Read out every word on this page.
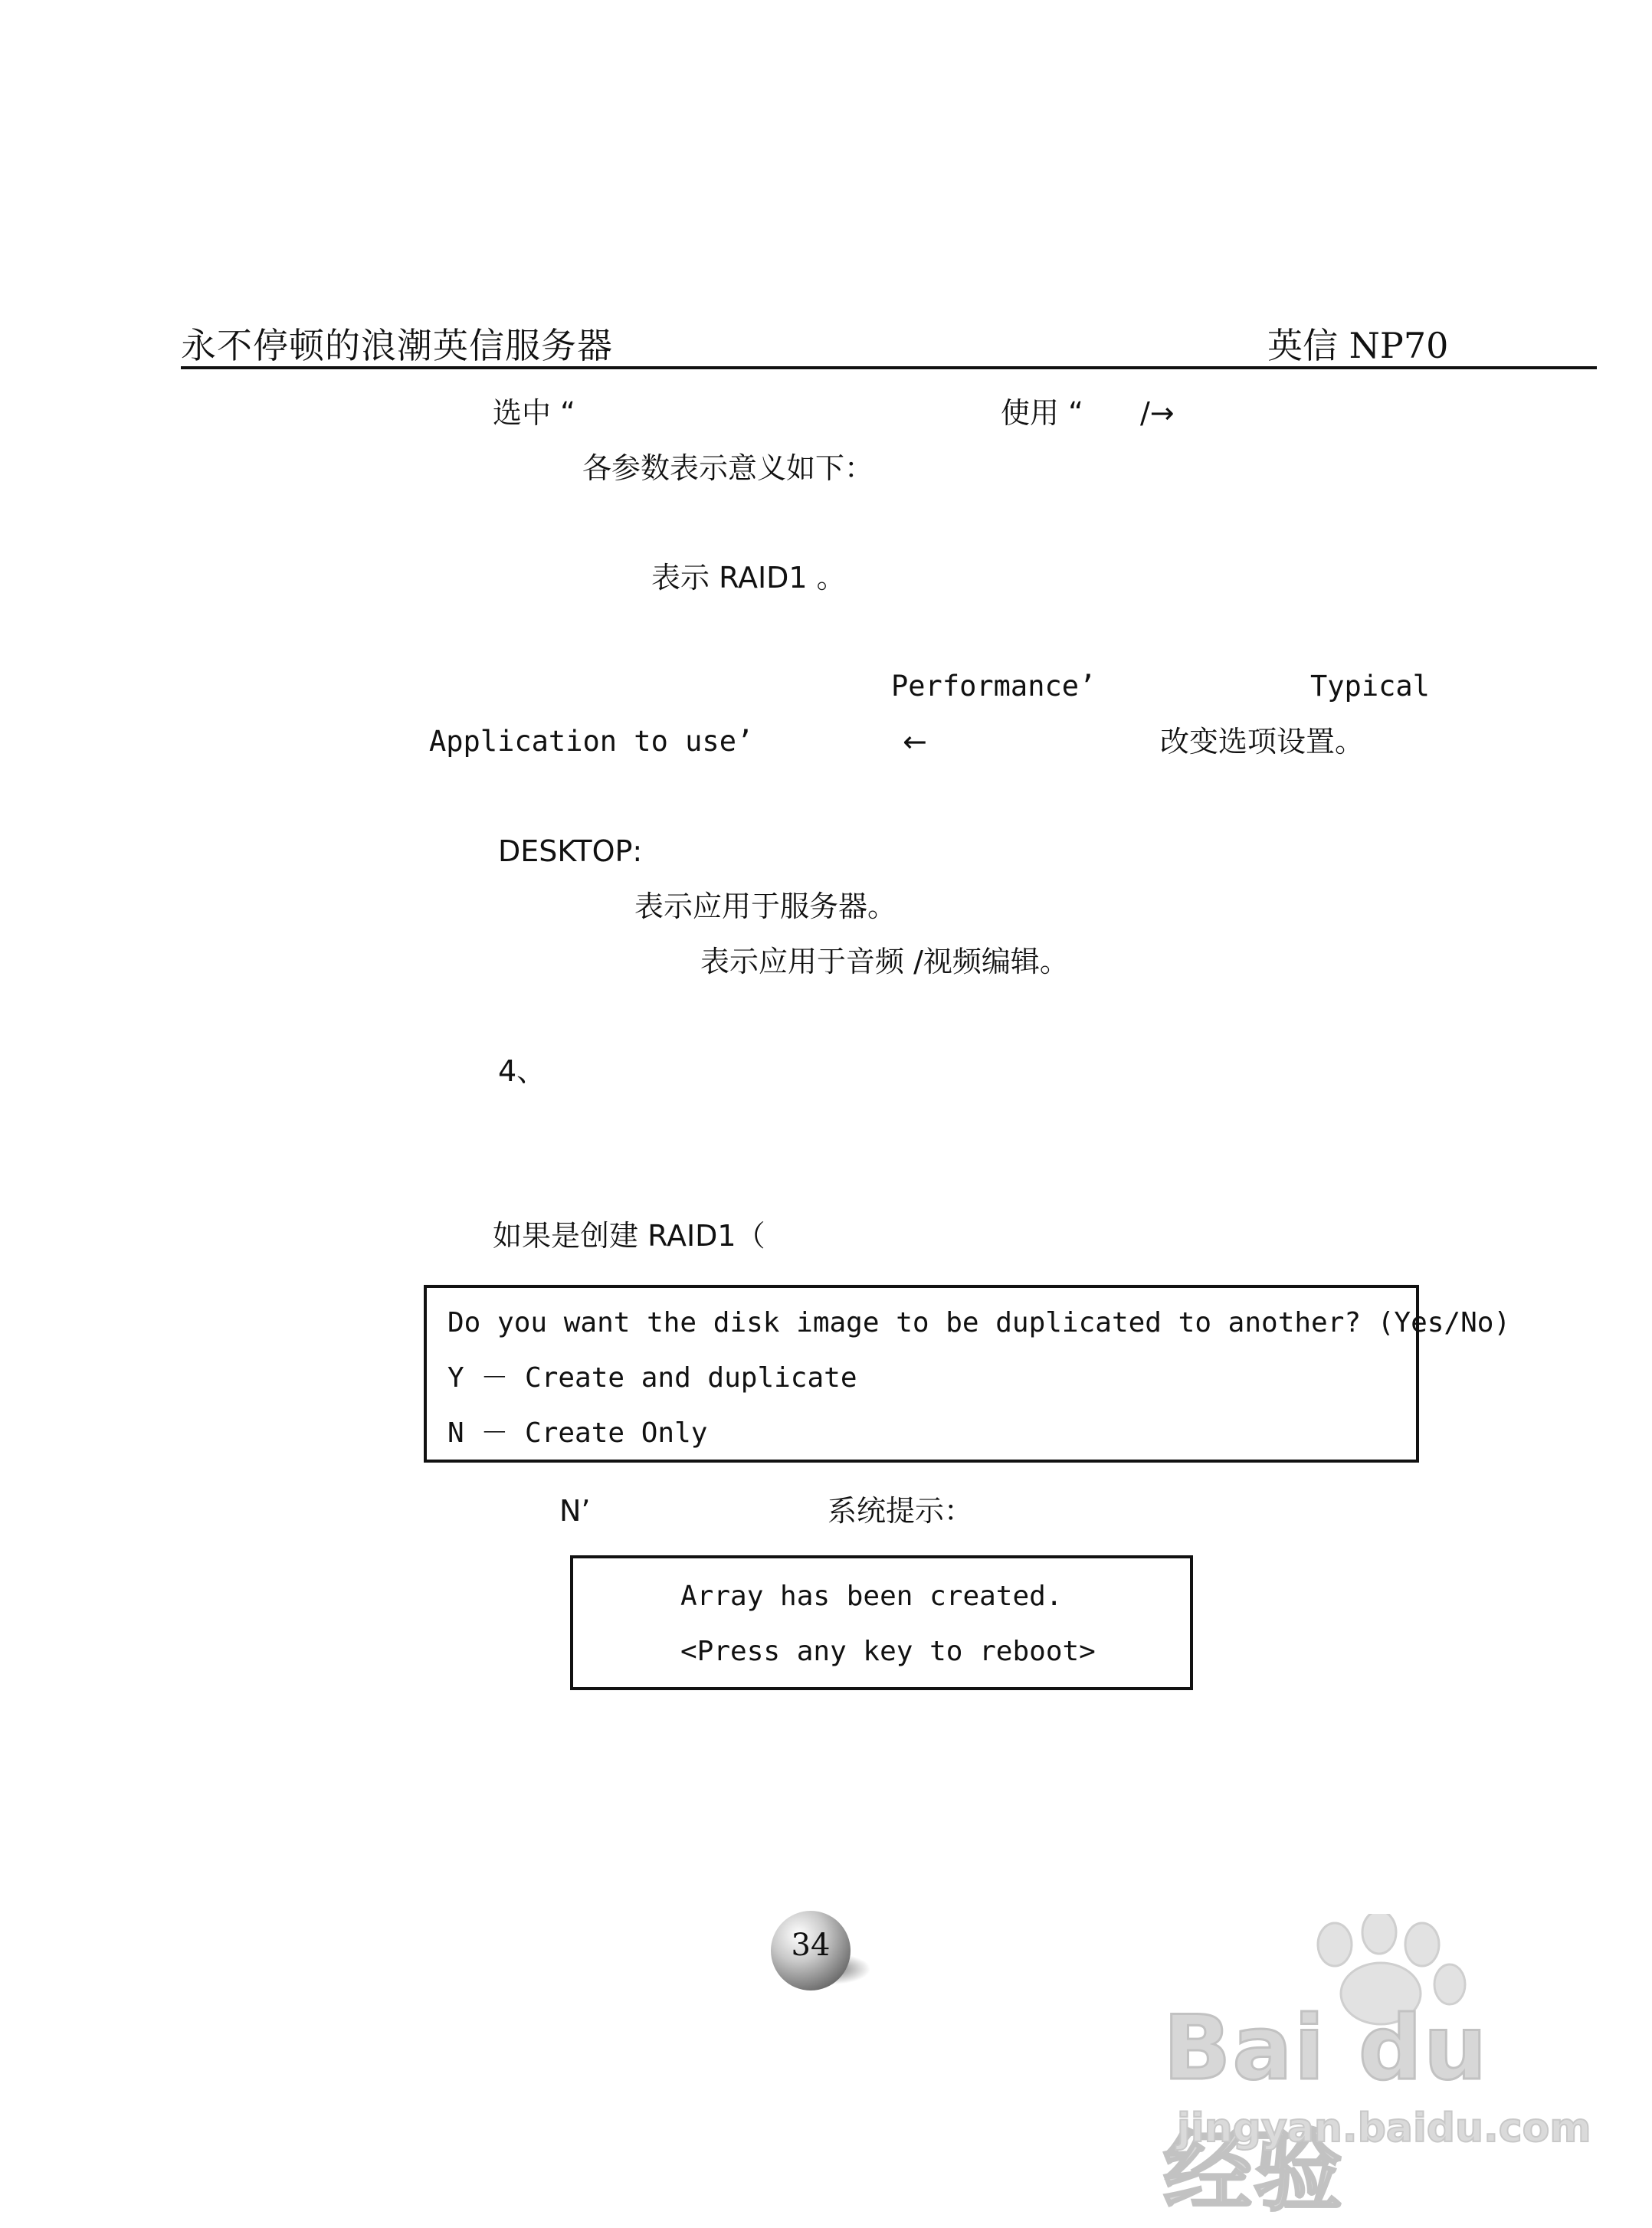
永不停顿的浪潮英信服务器	英信 NP70
选中 “	使用 “ /→
各参数表示意义如下：
表示 RAID1 。
Performance’	Typical
Application to use’	←	改变选项设置。
DESKTOP:
表示应用于服务器。
表示应用于音频 /视频编辑。
4、
如果是创建 RAID1（
Do you want the disk image to be duplicated to another? (Yes/No)
Y － Create and duplicate
N － Create Only
N’	系统提示：
Array has been created.
<Press any key to reboot>
34
Bai du 经验
jingyan.baidu.com
